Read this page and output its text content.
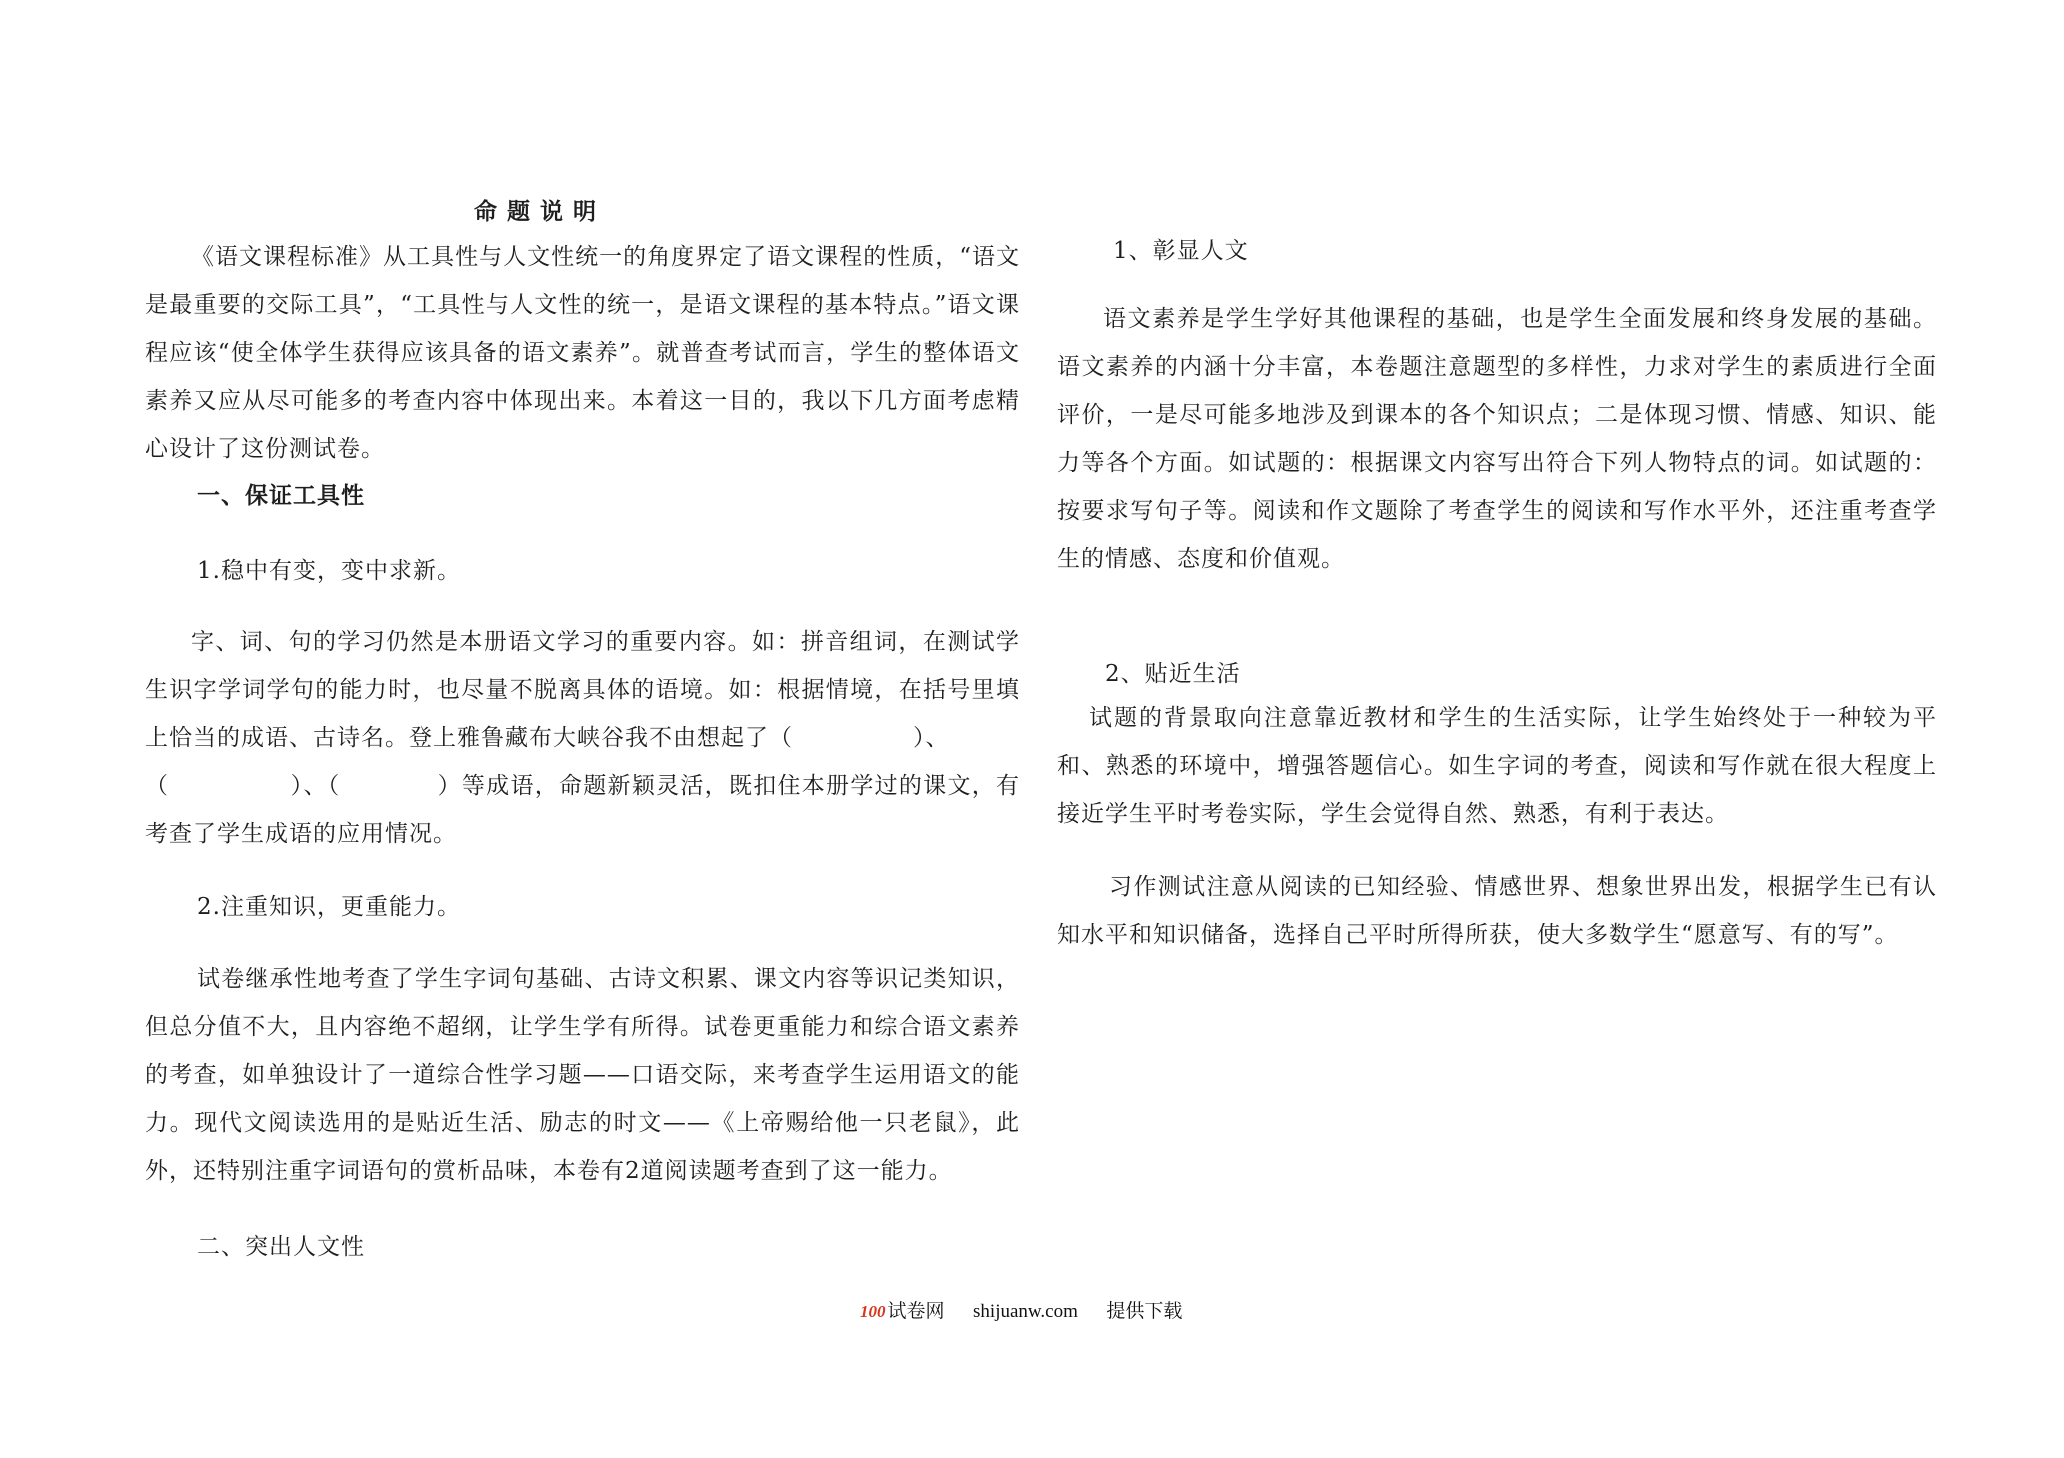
命题说明

《语文课程标准》从工具性与人文性统一的角度界定了语文课程的性质，“语文是最重要的交际工具”，“工具性与人文性的统一，是语文课程的基本特点。”语文课程应该“使全体学生获得应该具备的语文素养”。就普查考试而言，学生的整体语文素养又应从尽可能多的考查内容中体现出来。本着这一目的，我以下几方面考虑精心设计了这份测试卷。

一、保证工具性
1.稳中有变，变中求新。

字、词、句的学习仍然是本册语文学习的重要内容。如：拼音组词，在测试学生识字学词学句的能力时，也尽量不脱离具体的语境。如：根据情境，在括号里填上恰当的成语、古诗名。登上雅鲁藏布大峡谷我不由想起了（　　　　　）、

（　　　　　）、（　　　　）等成语，命题新颖灵活，既扣住本册学过的课文，有考查了学生成语的应用情况。

2.注重知识，更重能力。

试卷继承性地考查了学生字词句基础、古诗文积累、课文内容等识记类知识，但总分值不大，且内容绝不超纲，让学生学有所得。试卷更重能力和综合语文素养的考查，如单独设计了一道综合性学习题——口语交际，来考查学生运用语文的能力。现代文阅读选用的是贴近生活、励志的时文——《上帝赐给他一只老鼠》，此外，还特别注重字词语句的赏析品味，本卷有2道阅读题考查到了这一能力。

二、突出人文性
1、彰显人文

语文素养是学生学好其他课程的基础，也是学生全面发展和终身发展的基础。语文素养的内涵十分丰富，本卷题注意题型的多样性，力求对学生的素质进行全面评价，一是尽可能多地涉及到课本的各个知识点；二是体现习惯、情感、知识、能力等各个方面。如试题的：根据课文内容写出符合下列人物特点的词。如试题的：按要求写句子等。阅读和作文题除了考查学生的阅读和写作水平外，还注重考查学生的情感、态度和价值观。

2、贴近生活

试题的背景取向注意靠近教材和学生的生活实际，让学生始终处于一种较为平和、熟悉的环境中，增强答题信心。如生字词的考查，阅读和写作就在很大程度上接近学生平时考卷实际，学生会觉得自然、熟悉，有利于表达。

习作测试注意从阅读的已知经验、情感世界、想象世界出发，根据学生已有认知水平和知识储备，选择自己平时所得所获，使大多数学生“愿意写、有的写”。

100 试卷网 shijuanw.com 提供下载
